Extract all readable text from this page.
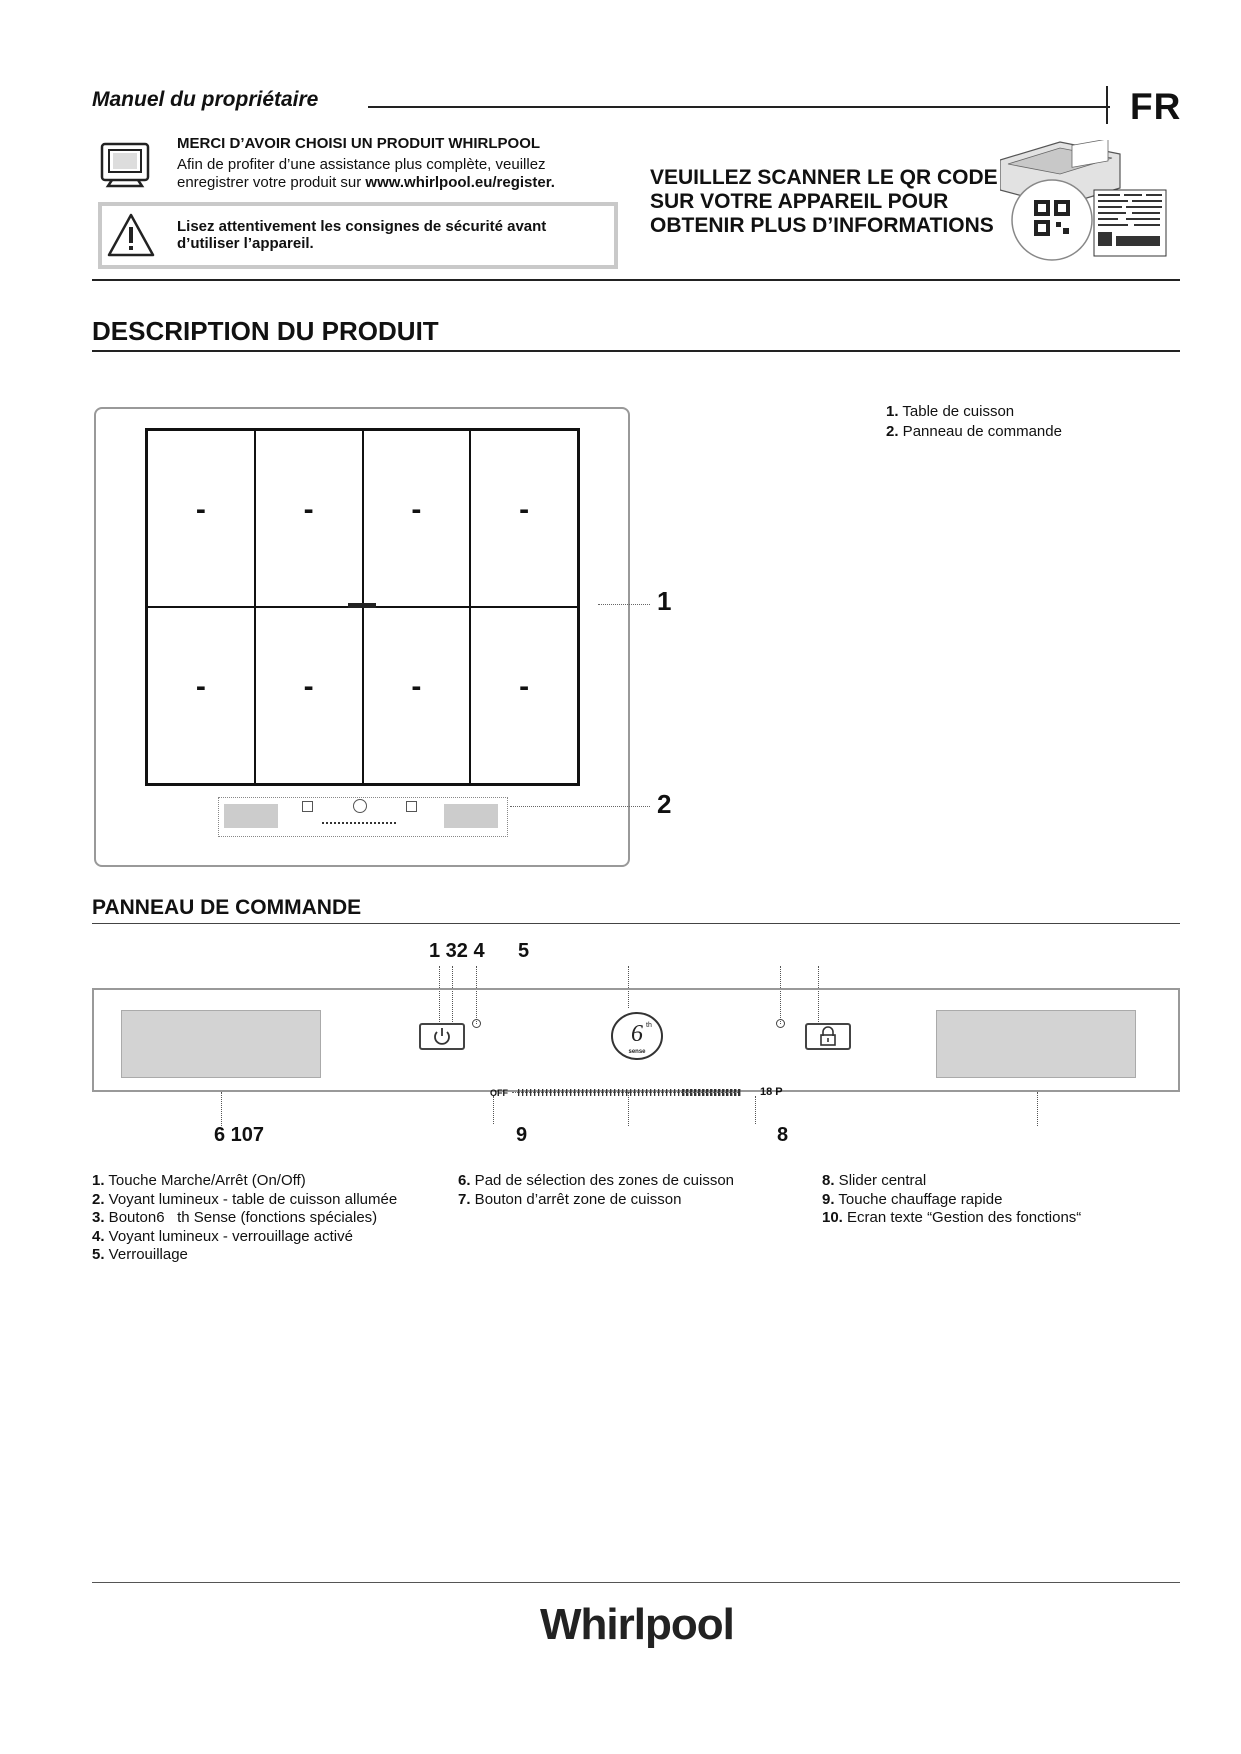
Manuel du propriétaire	FR
MERCI D’AVOIR CHOISI UN PRODUIT WHIRLPOOL
Afin de profiter d’une assistance plus complète, veuillez
enregistrer votre produit sur www.whirlpool.eu/register.
Lisez attentivement les consignes de sécurité avant
d’utiliser l’appareil.
VEUILLEZ SCANNER LE QR CODE
SUR VOTRE APPAREIL POUR
OBTENIR PLUS D’INFORMATIONS
DESCRIPTION DU PRODUIT
1. Table de cuisson
2. Panneau de commande
-	-	-	-
-	-	-	-
1
2
PANNEAU DE COMMANDE
1 32 4 5
6 th
sense
OFF	18 P
6 107	9	8
1. Touche Marche/Arrêt (On/Off)
2. Voyant lumineux - table de cuisson allumée
3. Bouton6   th Sense (fonctions spéciales)
4. Voyant lumineux - verrouillage activé
5. Verrouillage
6. Pad de sélection des zones de cuisson
7. Bouton d’arrêt zone de cuisson
8. Slider central
9. Touche chauffage rapide
10. Ecran texte “Gestion des fonctions“
Whirlpool
